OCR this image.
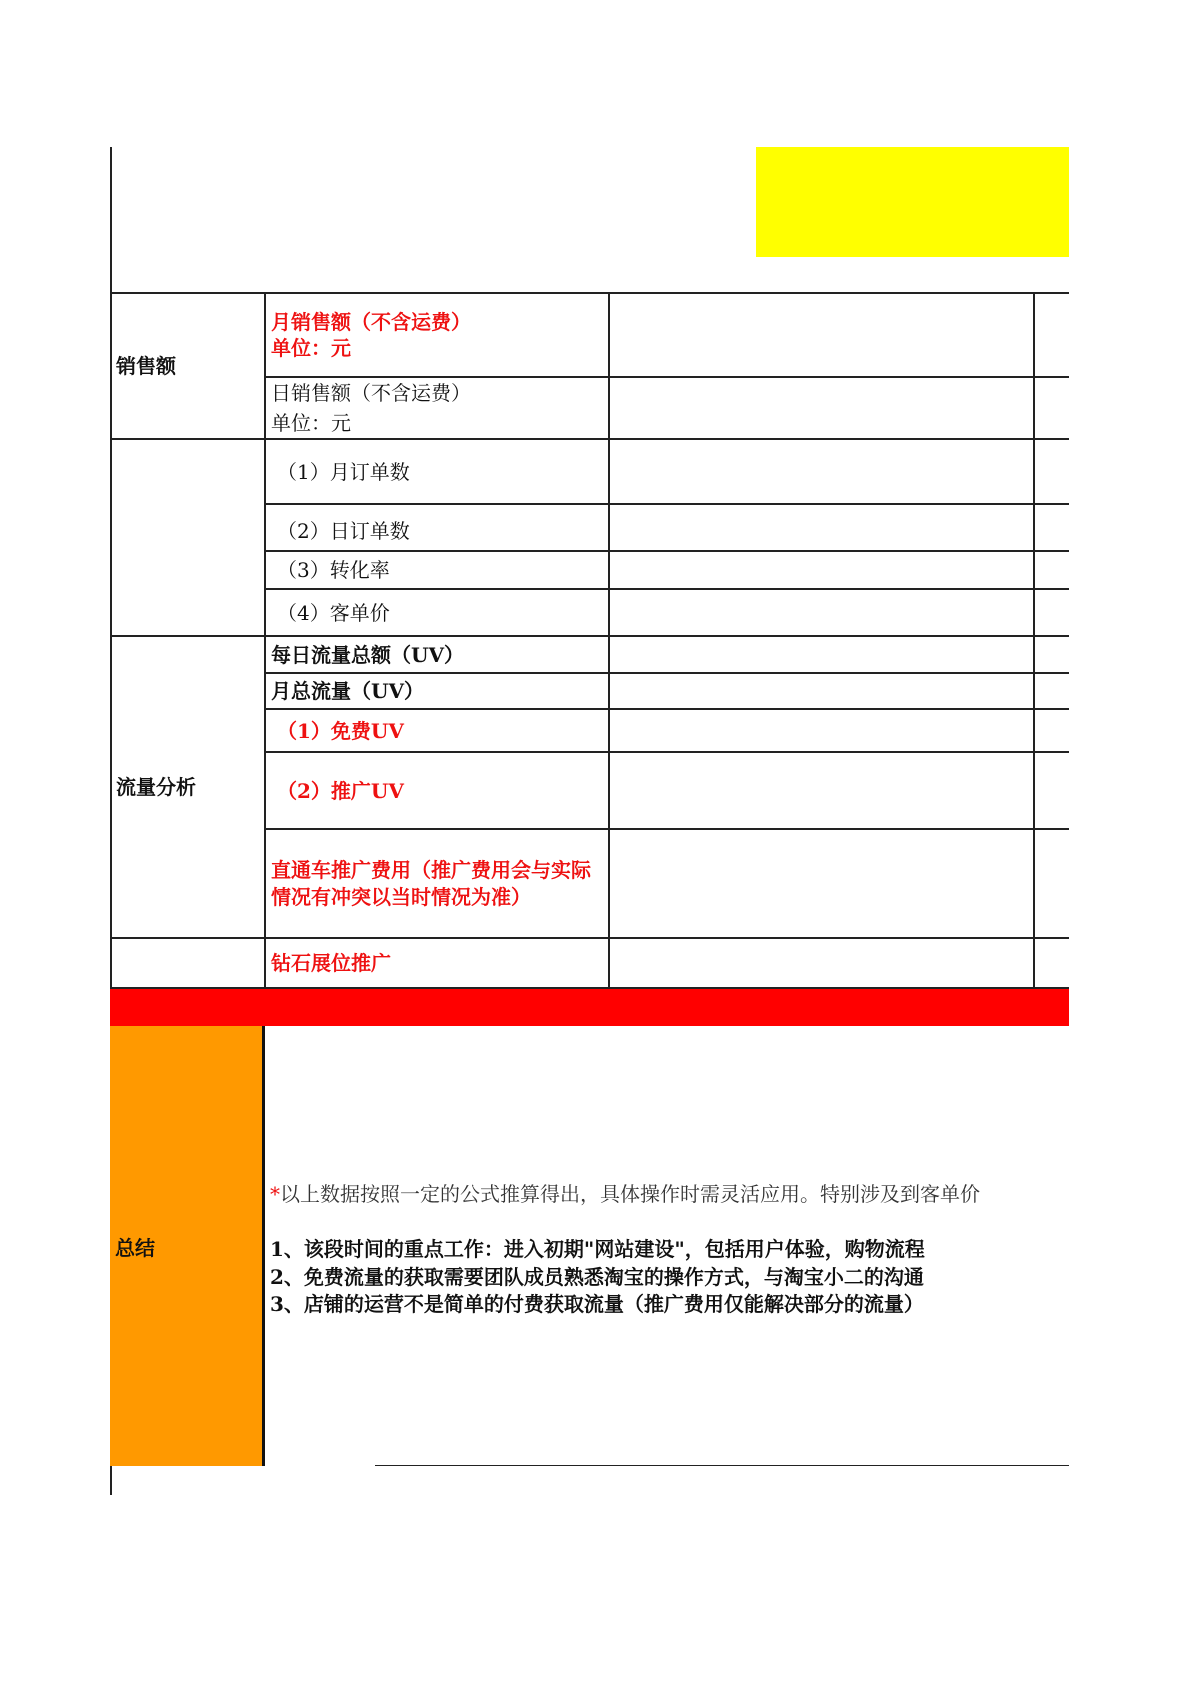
销售额
流量分析
月销售额（不含运费）
单位：元
日销售额（不含运费）
单位：元
（1）月订单数
（2）日订单数
（3）转化率
（4）客单价
每日流量总额（UV）
月总流量（UV）
（1）免费UV
（2）推广UV
直通车推广费用（推广费用会与实际情况有冲突以当时情况为准）
钻石展位推广
总结
*以上数据按照一定的公式推算得出，具体操作时需灵活应用。特别涉及到客单价
1、该段时间的重点工作：进入初期"网站建设"，包括用户体验，购物流程
2、免费流量的获取需要团队成员熟悉淘宝的操作方式，与淘宝小二的沟通
3、店铺的运营不是简单的付费获取流量（推广费用仅能解决部分的流量）
